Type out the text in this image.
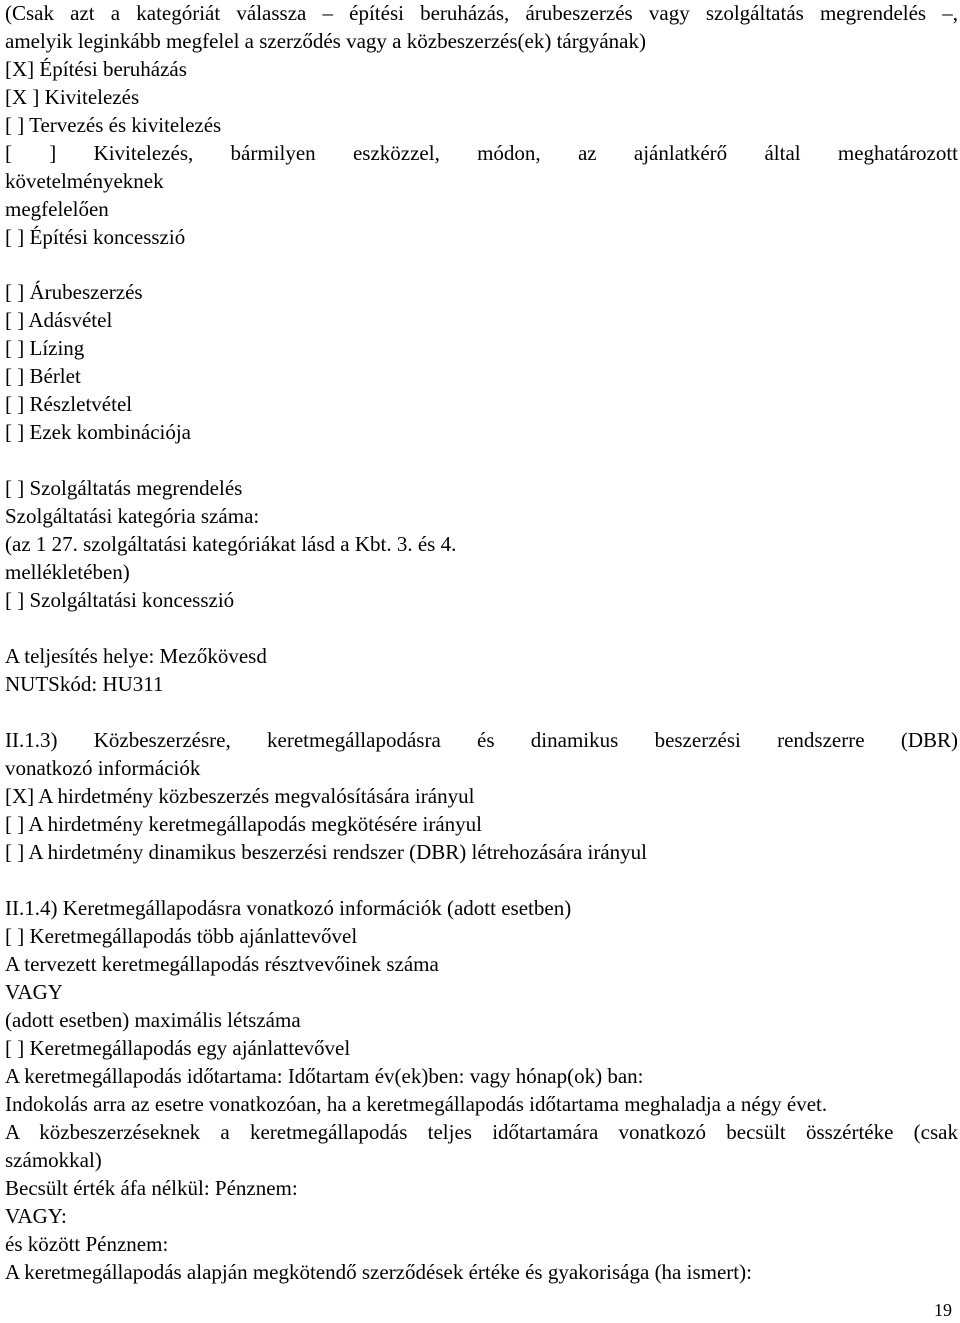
(Csak azt a kategóriát válassza – építési beruházás, árubeszerzés vagy szolgáltatás megrendelés –,
amelyik leginkább megfelel a szerződés vagy a közbeszerzés(ek) tárgyának)
[X] Építési beruházás
[X ] Kivitelezés
[ ] Tervezés és kivitelezés
[ ] Kivitelezés, bármilyen eszközzel, módon, az ajánlatkérő által meghatározott
követelményeknek
megfelelően
[ ] Építési koncesszió
[ ] Árubeszerzés
[ ] Adásvétel
[ ] Lízing
[ ] Bérlet
[ ] Részletvétel
[ ] Ezek kombinációja
[ ] Szolgáltatás megrendelés
Szolgáltatási kategória száma:
(az 1 27. szolgáltatási kategóriákat lásd a Kbt. 3. és 4.
mellékletében)
[ ] Szolgáltatási koncesszió
A teljesítés helye: Mezőkövesd
NUTSkód: HU311
II.1.3) Közbeszerzésre, keretmegállapodásra és dinamikus beszerzési rendszerre (DBR)
vonatkozó információk
[X] A hirdetmény közbeszerzés megvalósítására irányul
[ ] A hirdetmény keretmegállapodás megkötésére irányul
[ ] A hirdetmény dinamikus beszerzési rendszer (DBR) létrehozására irányul
II.1.4) Keretmegállapodásra vonatkozó információk (adott esetben)
[ ] Keretmegállapodás több ajánlattevővel
A tervezett keretmegállapodás résztvevőinek száma
VAGY
(adott esetben) maximális létszáma
[ ] Keretmegállapodás egy ajánlattevővel
A keretmegállapodás időtartama: Időtartam év(ek)ben: vagy hónap(ok) ban:
Indokolás arra az esetre vonatkozóan, ha a keretmegállapodás időtartama meghaladja a négy évet.
A közbeszerzéseknek a keretmegállapodás teljes időtartamára vonatkozó becsült összértéke (csak
számokkal)
Becsült érték áfa nélkül: Pénznem:
VAGY:
és között Pénznem:
A keretmegállapodás alapján megkötendő szerződések értéke és gyakorisága (ha ismert):
19
